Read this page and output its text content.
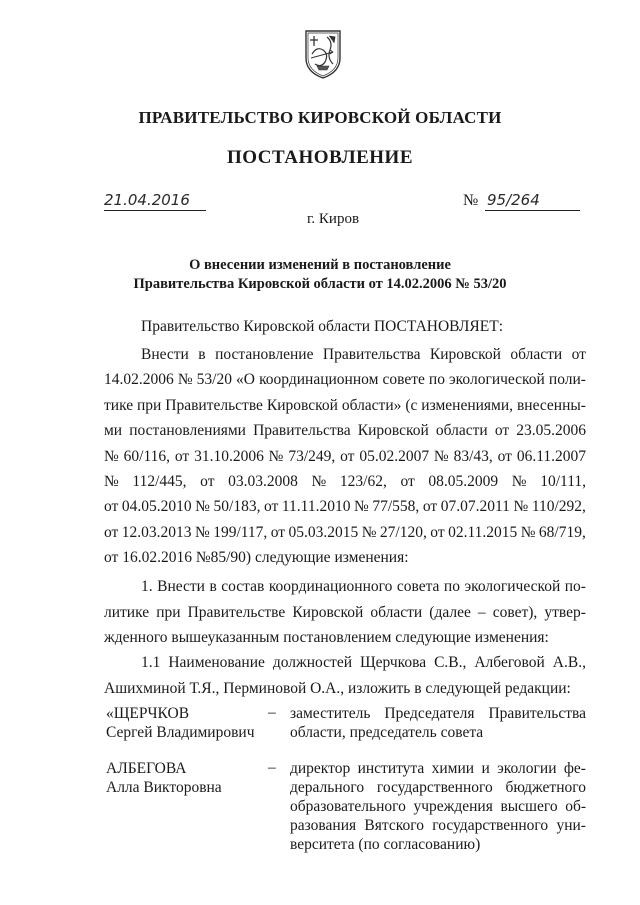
ПРАВИТЕЛЬСТВО КИРОВСКОЙ ОБЛАСТИ
ПОСТАНОВЛЕНИЕ
21.04.2016	№ 95/264
г. Киров
О внесении изменений в постановление
Правительства Кировской области от 14.02.2006 № 53/20
Правительство Кировской области ПОСТАНОВЛЯЕТ:
Внести в постановление Правительства Кировской области от
14.02.2006 № 53/20 «О координационном совете по экологической поли-
тике при Правительстве Кировской области» (с изменениями, внесенны-
ми постановлениями Правительства Кировской области от 23.05.2006
№ 60/116, от 31.10.2006 № 73/249, от 05.02.2007 № 83/43, от 06.11.2007
№ 112/445, от 03.03.2008 № 123/62, от 08.05.2009 № 10/111,
от 04.05.2010 № 50/183, от 11.11.2010 № 77/558, от 07.07.2011 № 110/292,
от 12.03.2013 № 199/117, от 05.03.2015 № 27/120, от 02.11.2015 № 68/719,
от 16.02.2016 №85/90) следующие изменения:
1. Внести в состав координационного совета по экологической по-
литике при Правительстве Кировской области (далее – совет), утвер-
жденного вышеуказанным постановлением следующие изменения:
1.1 Наименование должностей Щерчкова С.В., Албеговой А.В.,
Ашихминой Т.Я., Перминовой О.А., изложить в следующей редакции:
«ЩЕРЧКОВ
Сергей Владимирович
– заместитель Председателя Правительства
области, председатель совета
АЛБЕГОВА
Алла Викторовна
– директор института химии и экологии фе-
дерального государственного бюджетного
образовательного учреждения высшего об-
разования Вятского государственного уни-
верситета (по согласованию)
